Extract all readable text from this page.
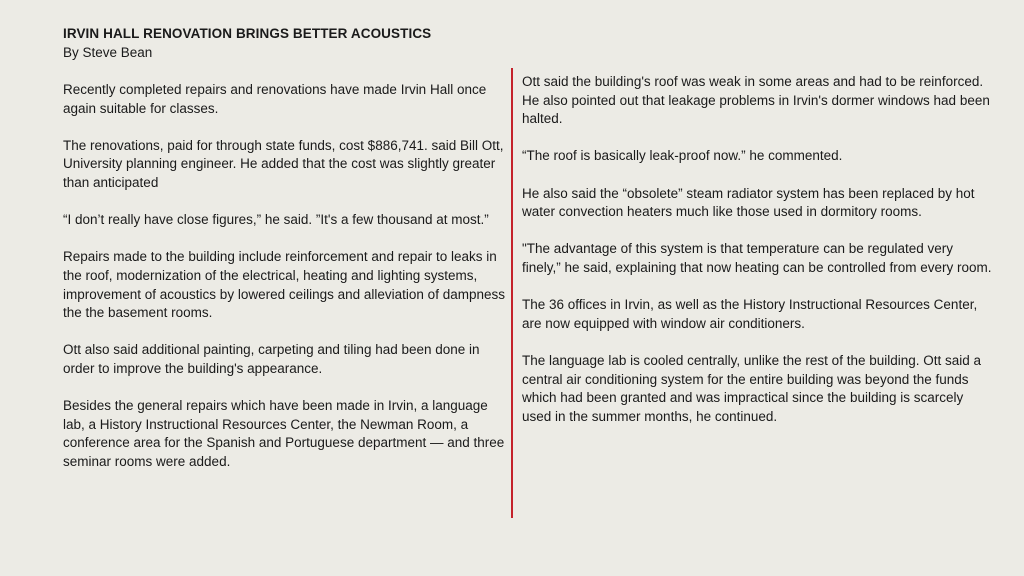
IRVIN HALL RENOVATION BRINGS BETTER ACOUSTICS
By Steve Bean

Recently completed repairs and renovations have made Irvin Hall once again suitable for classes.

The renovations, paid for through state funds, cost $886,741. said Bill Ott, University planning engineer. He added that the cost was slightly greater than anticipated

“I don’t really have close figures,” he said. ”It's a few thousand at most.”

Repairs made to the building include reinforcement and repair to leaks in the roof, modernization of the electrical, heating and lighting systems, improvement of acoustics by lowered ceilings and alleviation of dampness the the basement rooms.

Ott also said additional painting, carpeting and tiling had been done in order to improve the building's appearance.

Besides the general repairs which have been made in Irvin, a language lab, a History Instructional Resources Center, the Newman Room, a conference area for the Spanish and Portuguese department — and three seminar rooms were added.

Ott said the building's roof was weak in some areas and had to be reinforced. He also pointed out that leakage problems in Irvin's dormer windows had been halted.

“The roof is basically leak-proof now.” he commented.

He also said the “obsolete” steam radiator system has been replaced by hot water convection heaters much like those used in dormitory rooms.

"The advantage of this system is that temperature can be regulated very finely,” he said, explaining that now heating can be controlled from every room.

The 36 offices in Irvin, as well as the History Instructional Resources Center, are now equipped with window air conditioners.

The language lab is cooled centrally, unlike the rest of the building. Ott said a central air conditioning system for the entire building was beyond the funds which had been granted and was impractical since the building is scarcely used in the summer months, he continued.
